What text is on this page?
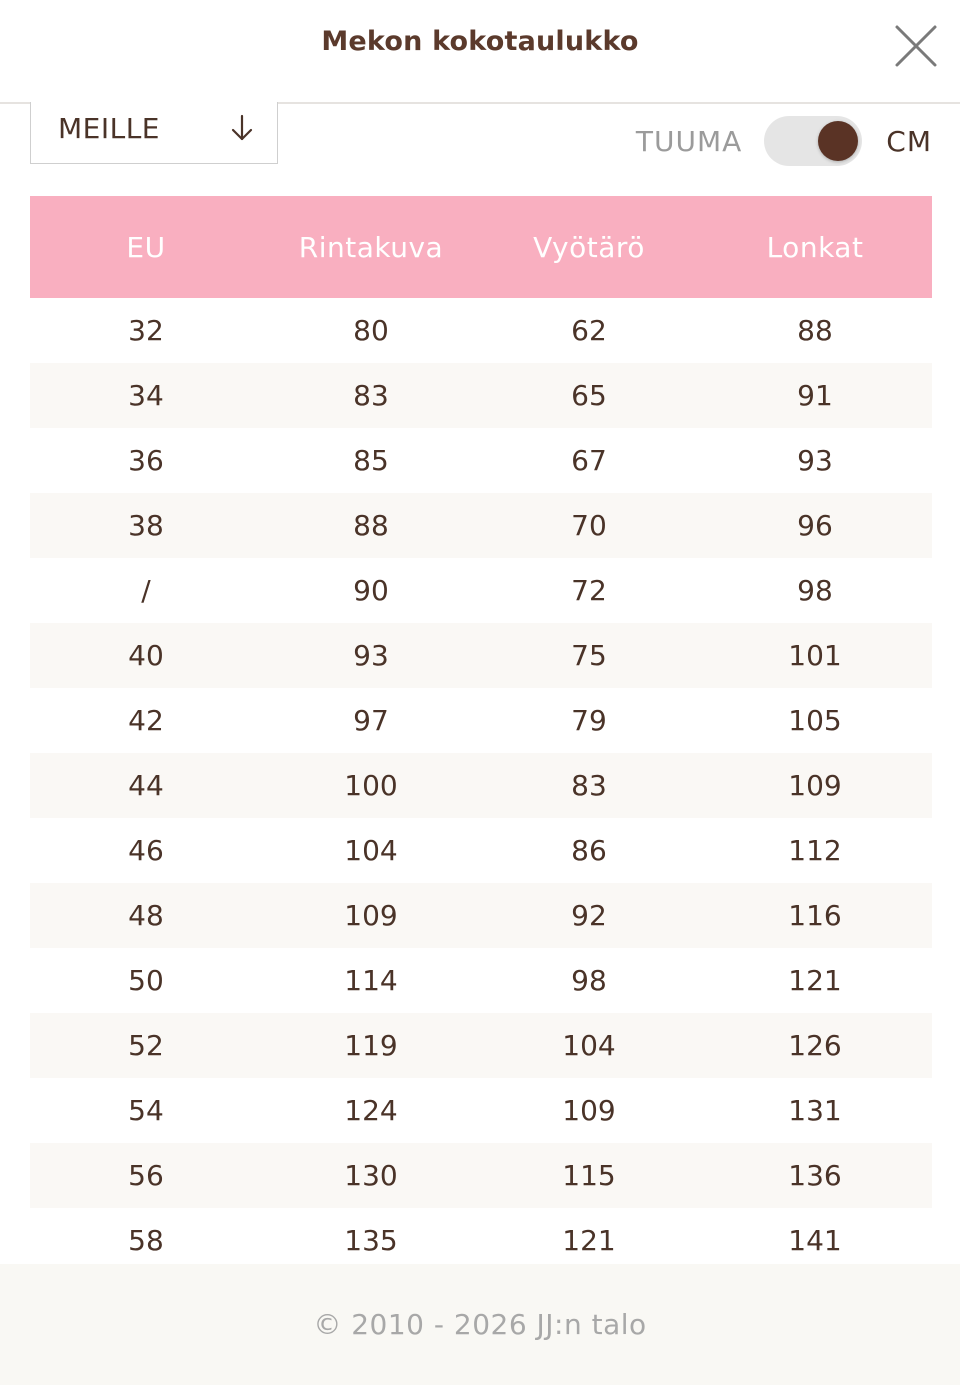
Mekon kokotaulukko
MEILLE	TUUMA	CM
EU	Rintakuva	Vyötärö	Lonkat
32	80	62	88
34	83	65	91
36	85	67	93
38	88	70	96
/	90	72	98
40	93	75	101
42	97	79	105
44	100	83	109
46	104	86	112
48	109	92	116
50	114	98	121
52	119	104	126
54	124	109	131
56	130	115	136
58	135	121	141
© 2010 - 2026 JJ:n talo
